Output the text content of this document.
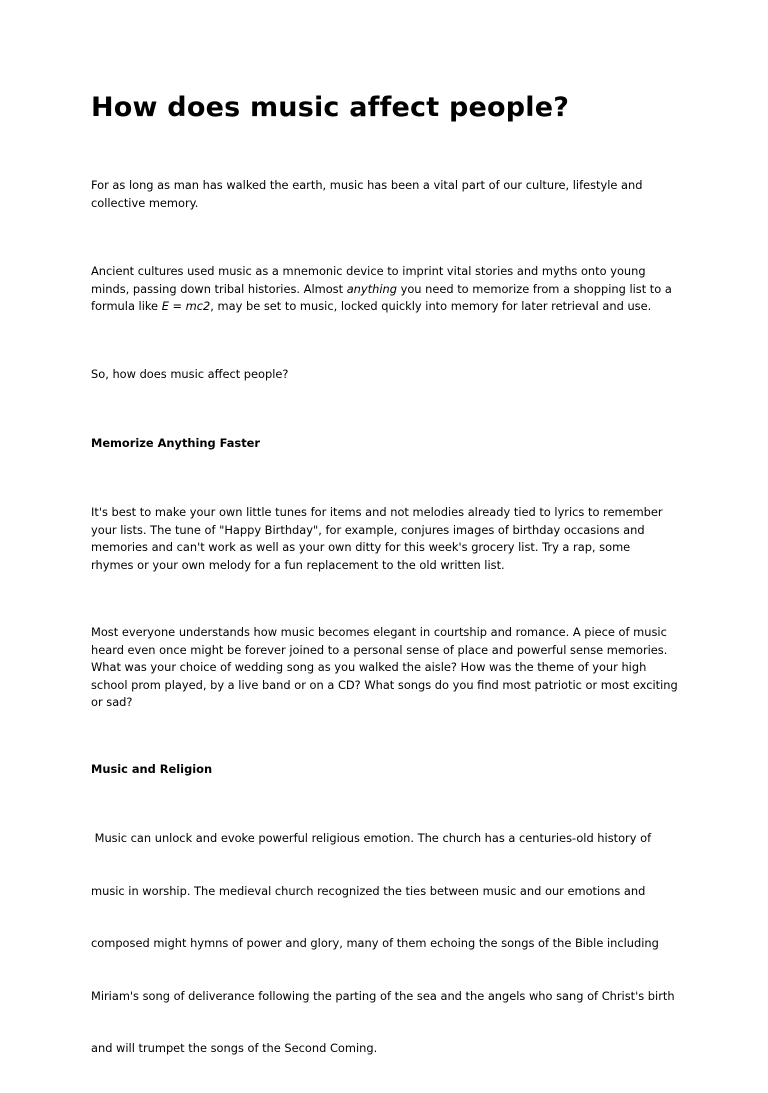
How does music affect people?

For as long as man has walked the earth, music has been a vital part of our culture, lifestyle and
collective memory.

Ancient cultures used music as a mnemonic device to imprint vital stories and myths onto young
minds, passing down tribal histories. Almost anything you need to memorize from a shopping list to a
formula like E = mc2, may be set to music, locked quickly into memory for later retrieval and use.

So, how does music affect people?

Memorize Anything Faster

It's best to make your own little tunes for items and not melodies already tied to lyrics to remember
your lists. The tune of "Happy Birthday", for example, conjures images of birthday occasions and
memories and can't work as well as your own ditty for this week's grocery list. Try a rap, some
rhymes or your own melody for a fun replacement to the old written list.

Most everyone understands how music becomes elegant in courtship and romance. A piece of music
heard even once might be forever joined to a personal sense of place and powerful sense memories.
What was your choice of wedding song as you walked the aisle? How was the theme of your high
school prom played, by a live band or on a CD? What songs do you find most patriotic or most exciting
or sad?

Music and Religion

Music can unlock and evoke powerful religious emotion. The church has a centuries-old history of

music in worship. The medieval church recognized the ties between music and our emotions and

composed might hymns of power and glory, many of them echoing the songs of the Bible including

Miriam's song of deliverance following the parting of the sea and the angels who sang of Christ's birth

and will trumpet the songs of the Second Coming.
